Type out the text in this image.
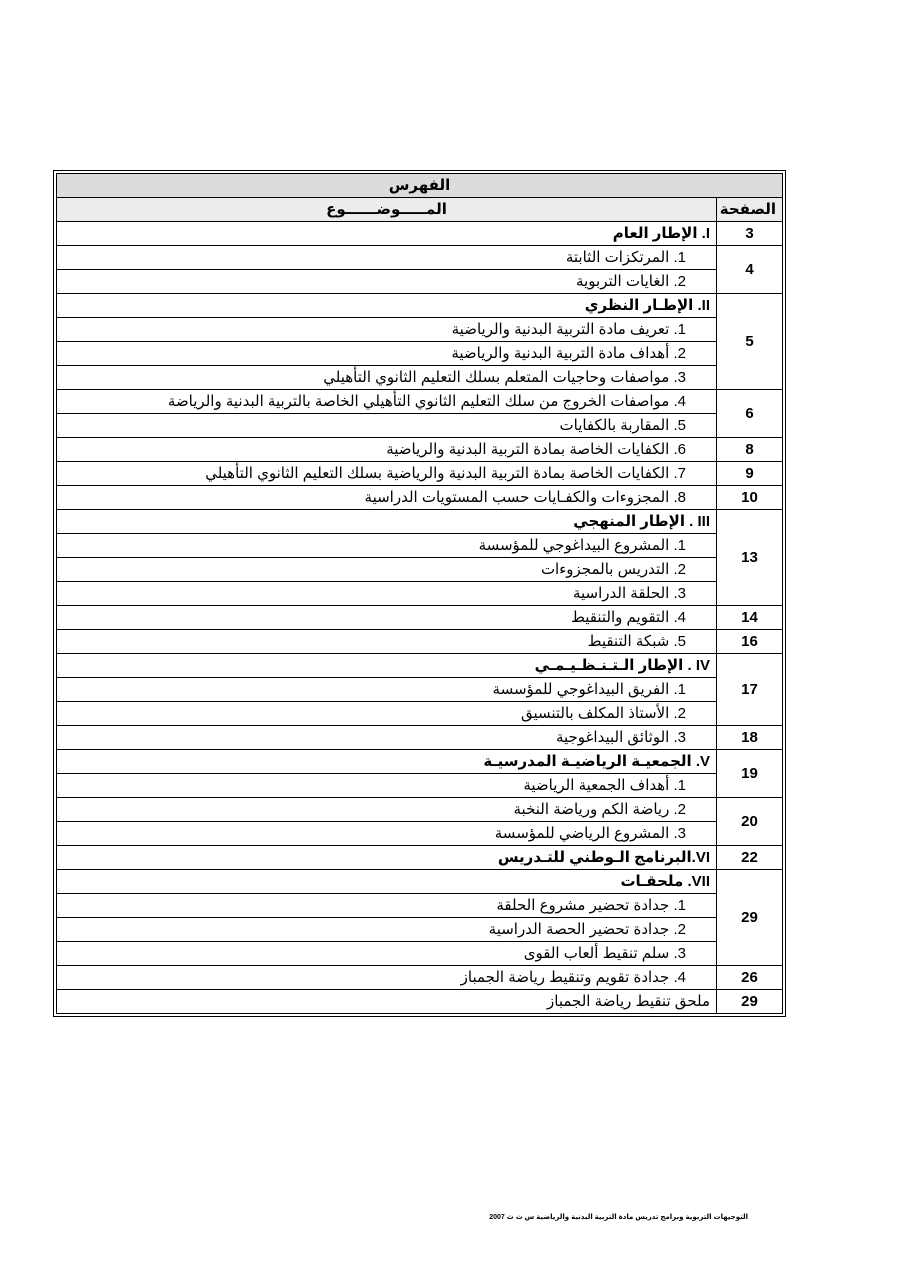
الفهرس	
الصفحة	المـــــوضــــــوع
3	I. الإطار العام
4	1. المرتكزات الثابتة

	2. الغايات التربوية

5	II. الإطـار النظري

	1. تعريف مادة التربية البدنية والرياضية

	2. أهداف مادة التربية البدنية والرياضية

	3. مواصفات وحاجيات المتعلم بسلك التعليم الثانوي التأهيلي

6	4. مواصفات الخروج من سلك التعليم الثانوي التأهيلي الخاصة بالتربية البدنية والرياضة

	5. المقاربة بالكفايات

8	6. الكفايات الخاصة بمادة التربية البدنية والرياضية

9	7. الكفايات الخاصة بمادة التربية البدنية والرياضية بسلك التعليم الثانوي التأهيلي

10	8. المجزوءات والكفـايات حسب المستويات الدراسية

13	III . الإطار المنهجي

	1. المشروع البيداغوجي للمؤسسة

	2. التدريس بالمجزوءات

	3. الحلقة الدراسية

14	4. التقويم والتنقيط

16	5. شبكة التنقيط

17	IV . الإطار الـتـنـظـيـمـي

	1. الفريق البيداغوجي للمؤسسة

	2. الأستاذ المكلف بالتنسيق

18	3. الوثائق البيداغوجية

19	V. الجمعيـة الرياضيـة المدرسيـة

	1. أهداف الجمعية الرياضية

20	2. رياضة الكم ورياضة النخبة

	3. المشروع الرياضي للمؤسسة

22	VI.البرنامج الـوطني للتـدريس
29	VII. ملحقـات

	1. جدادة تحضير مشروع الحلقة

	2. جدادة تحضير الحصة الدراسية

	3. سلم تنقيط ألعاب القوى

26	4. جدادة تقويم وتنقيط رياضة الجمباز

29	ملحق تنقيط رياضة الجمباز
التوجيهات التربوية وبرامج تدريس مادة التربية البدنية والرياضية س ث ث 2007
